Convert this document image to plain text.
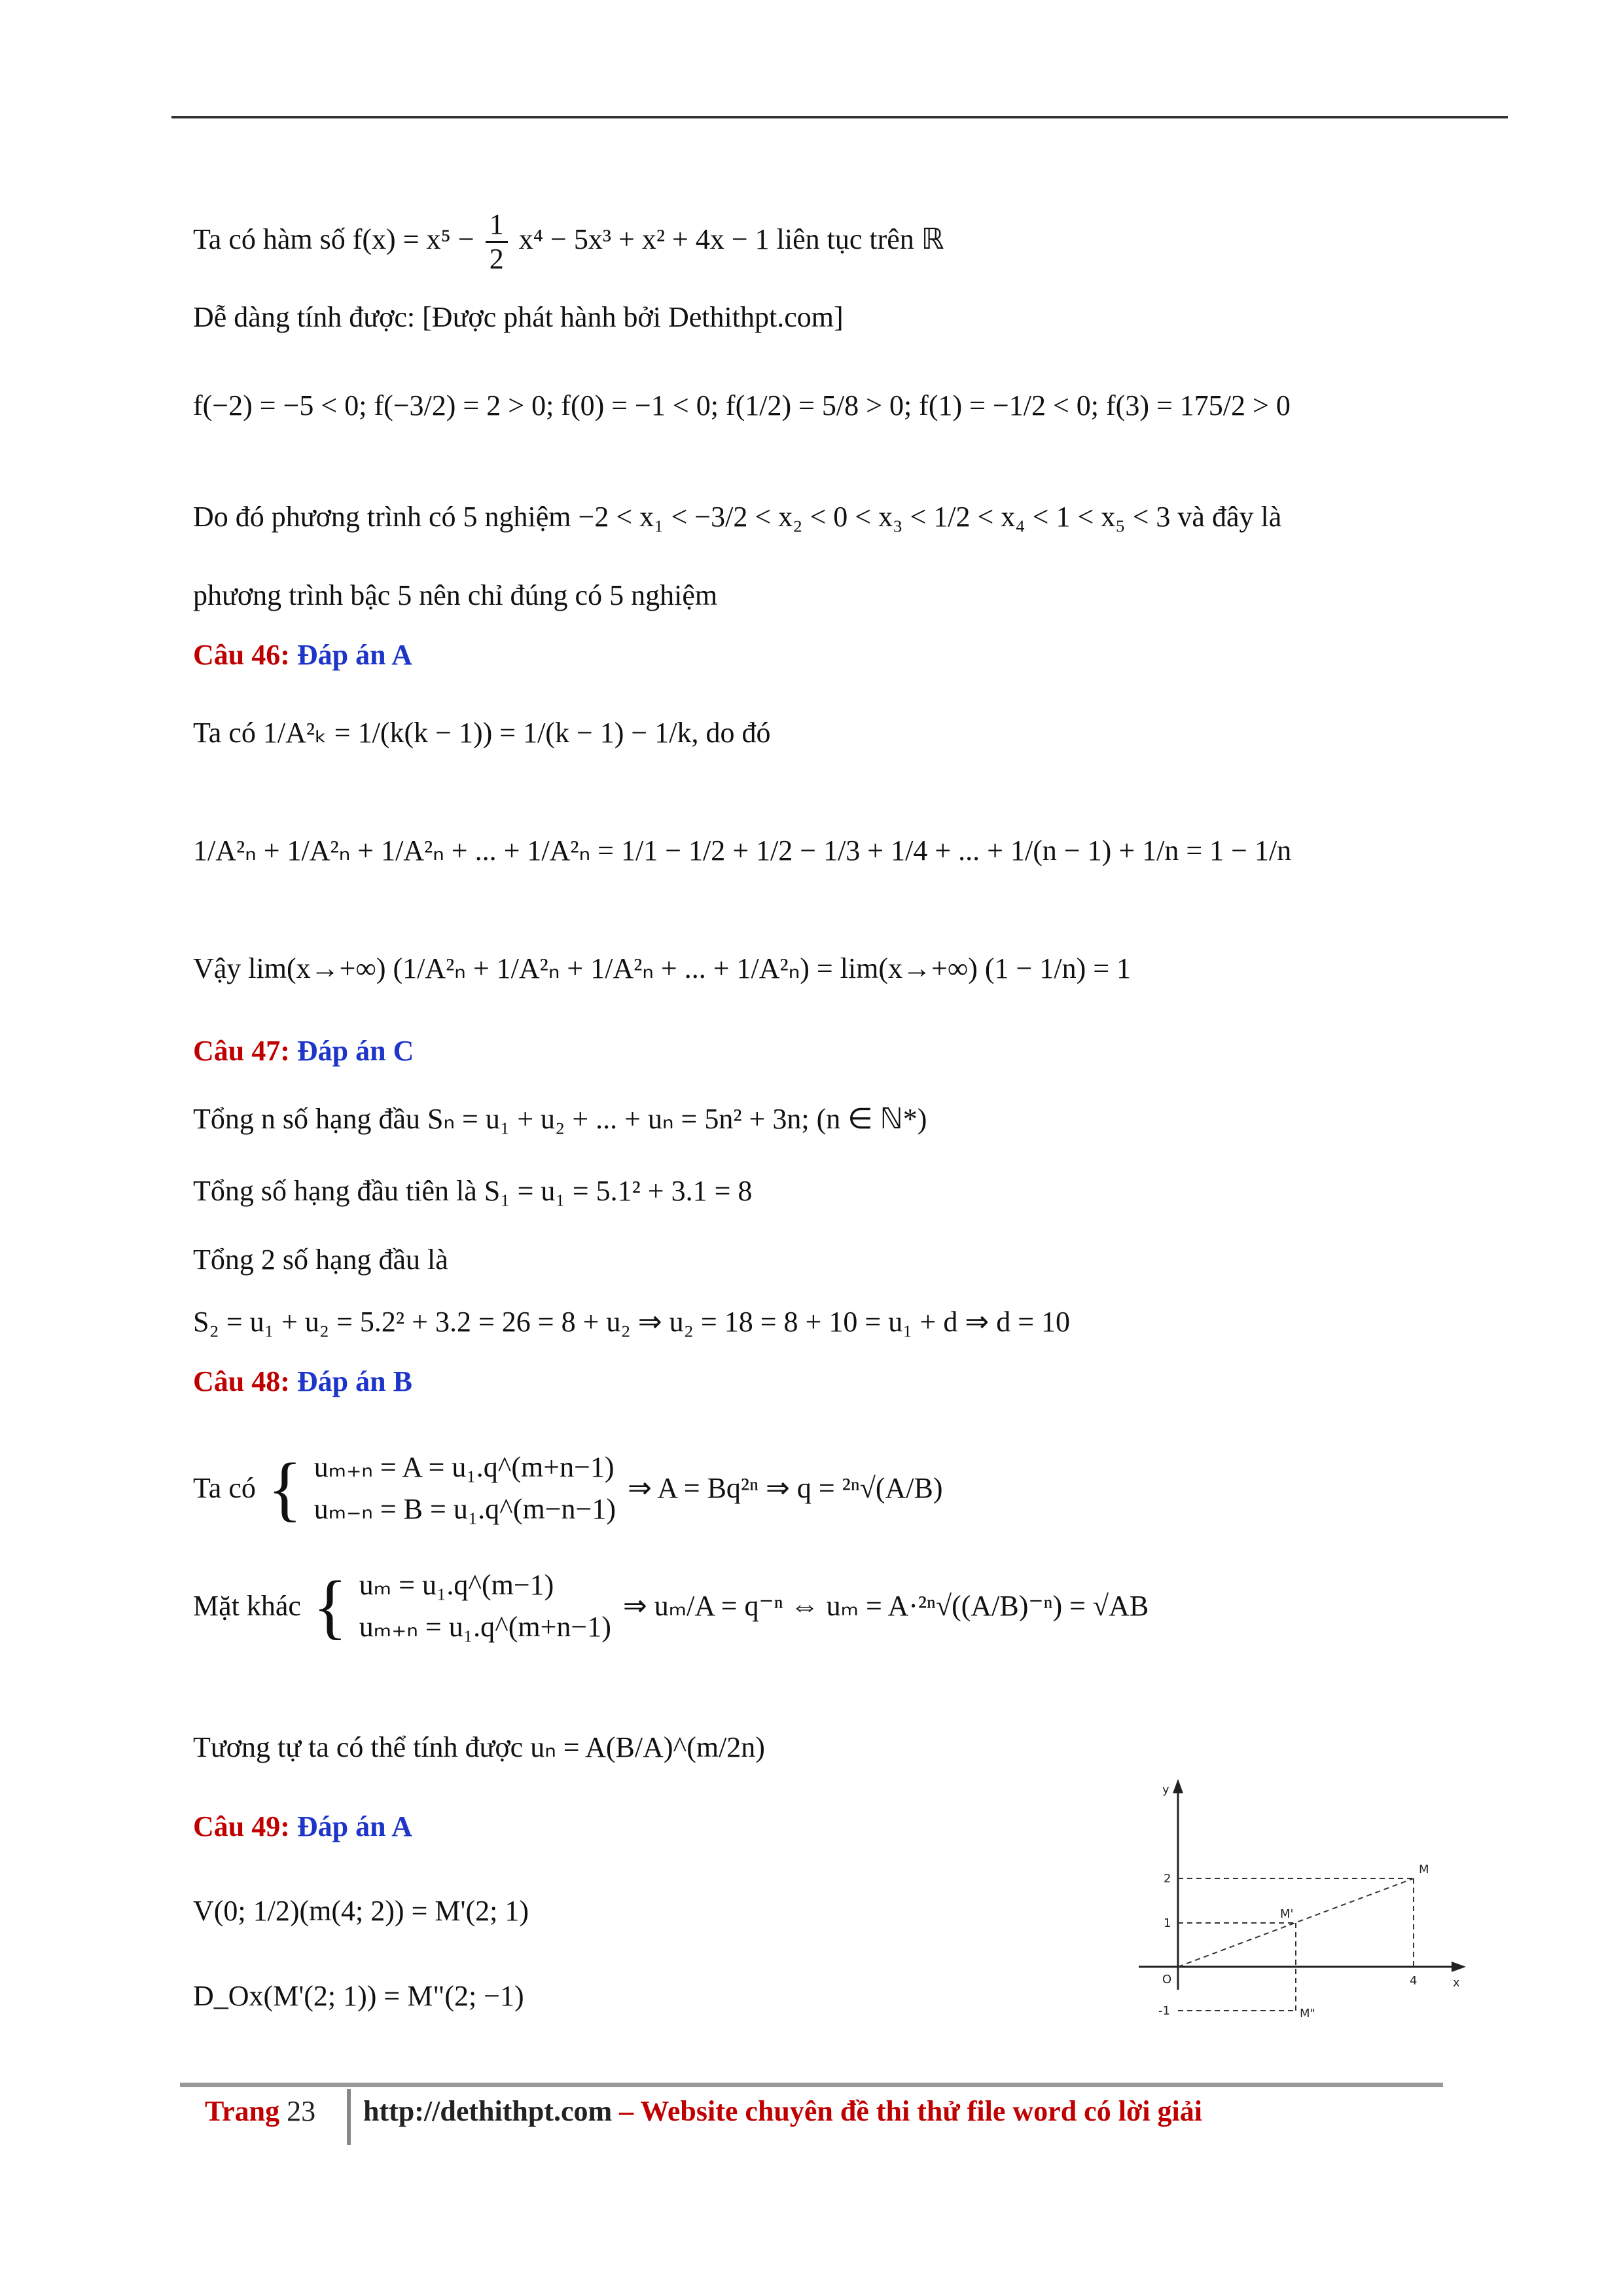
Ta có hàm số $f(x) = x^5 - \frac{1}{2} x^4 - 5x^3 + x^2 + 4x - 1$ liên tục trên ℝ
Dễ dàng tính được: [Được phát hành bởi Dethithpt.com]
f(−2) = −5 < 0; f(−3/2) = 2 > 0; f(0) = −1 < 0; f(1/2) = 5/8 > 0; f(1) = −1/2 < 0; f(3) = 175/2 > 0
Do đó phương trình có 5 nghiệm −2 < x₁ < −3/2 < x₂ < 0 < x₃ < 1/2 < x₄ < 1 < x₅ < 3 và đây là
phương trình bậc 5 nên chỉ đúng có 5 nghiệm
Câu 46: Đáp án A
Ta có 1/A²ₖ = 1/(k(k − 1)) = 1/(k − 1) − 1/k, do đó
1/A²ₙ + 1/A²ₙ + 1/A²ₙ + ... + 1/A²ₙ = 1/1 − 1/2 + 1/2 − 1/3 + 1/4 + ... + 1/(n − 1) + 1/n = 1 − 1/n
Vậy lim(x→+∞) (1/A²ₙ + 1/A²ₙ + 1/A²ₙ + ... + 1/A²ₙ) = lim(x→+∞) (1 − 1/n) = 1
Câu 47: Đáp án C
Tổng n số hạng đầu Sₙ = u₁ + u₂ + ... + uₙ = 5n² + 3n; (n ∈ ℕ*)
Tổng số hạng đầu tiên là S₁ = u₁ = 5.1² + 3.1 = 8
Tổng 2 số hạng đầu là
S₂ = u₁ + u₂ = 5.2² + 3.2 = 26 = 8 + u₂ ⇒ u₂ = 18 = 8 + 10 = u₁ + d ⇒ d = 10
Câu 48: Đáp án B
Ta có { uₘ₊ₙ = A = u₁.q^(m+n−1)
uₘ₋ₙ = B = u₁.q^(m−n−1)
⇒ A = Bq²ⁿ ⇒ q = ²ⁿ√(A/B)
Mặt khác { uₘ = u₁.q^(m−1)
uₘ₊ₙ = u₁.q^(m+n−1)
⇒ uₘ/A = q⁻ⁿ ⇔ uₘ = A·²ⁿ√((A/B)⁻ⁿ) = √AB
Tương tự ta có thể tính được uₙ = A(B/A)^(m/2n)
Câu 49: Đáp án A
V(0; 1/2)(m(4; 2)) = M'(2; 1)
D_Ox(M'(2; 1)) = M"(2; −1)
y
x
O	4
2
1
-1
M
M'
M"
Trang 23 http://dethithpt.com – Website chuyên đề thi thử file word có lời giải
